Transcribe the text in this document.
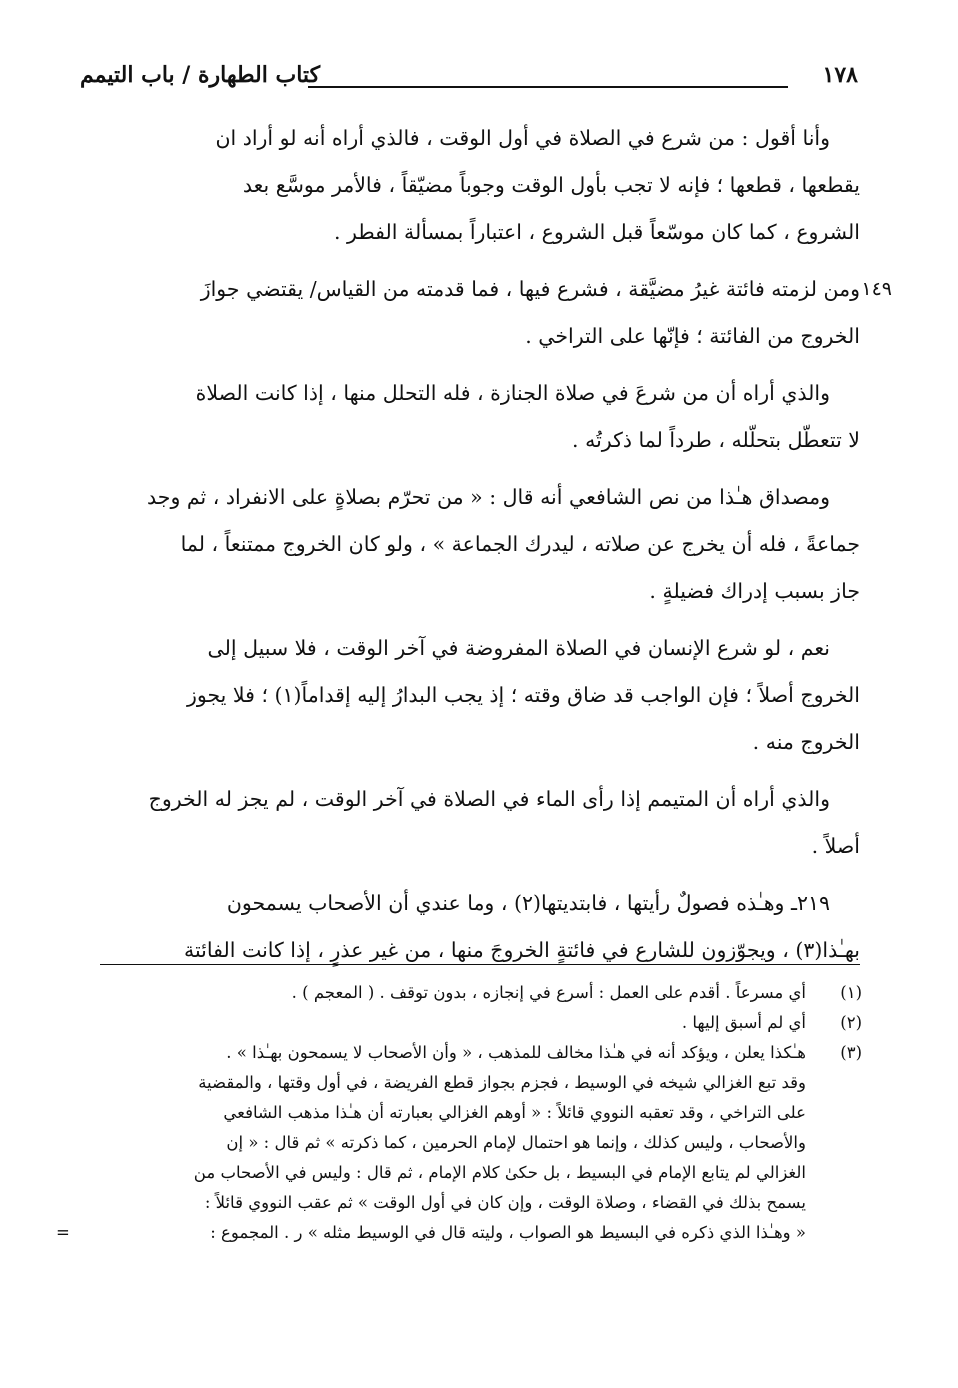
١٧٨
كتاب الطهارة / باب التيمم

وأنا أقول : من شرع في الصلاة في أول الوقت ، فالذي أراه أنه لو أراد ان
يقطعها ، قطعها ؛ فإنه لا تجب بأول الوقت وجوباً مضيّقاً ، فالأمر موسَّع بعد
الشروع ، كما كان موسّعاً قبل الشروع ، اعتباراً بمسألة الفطر .

١٤٩
ومن لزمته فائتة غيرُ مضيَّقة ، فشرع فيها ، فما قدمته من القياس/ يقتضي جوازَ
الخروج من الفائتة ؛ فإنّها على التراخي .

والذي أراه أن من شرعَ في صلاة الجنازة ، فله التحلل منها ، إذا كانت الصلاة
لا تتعطّل بتحلّله ، طرداً لما ذكرتُه .

ومصداق هـٰذا من نص الشافعي أنه قال : « من تحرّم بصلاةٍ على الانفراد ، ثم وجد
جماعةً ، فله أن يخرج عن صلاته ، ليدرك الجماعة » ، ولو كان الخروج ممتنعاً ، لما
جاز بسبب إدراك فضيلةٍ .

نعم ، لو شرع الإنسان في الصلاة المفروضة في آخر الوقت ، فلا سبيل إلى
الخروج أصلاً ؛ فإن الواجب قد ضاق وقته ؛ إذ يجب البدارُ إليه إقداماً(١) ؛ فلا يجوز
الخروج منه .

والذي أراه أن المتيمم إذا رأى الماء في الصلاة في آخر الوقت ، لم يجز له الخروج
أصلاً .

٢١٩ـ وهـٰذه فصولٌ رأيتها ، فابتديتها(٢) ، وما عندي أن الأصحاب يسمحون
بهـٰذا(٣) ، ويجوّزون للشارع في فائتةٍ الخروجَ منها ، من غير عذرٍ ، إذا كانت الفائتة

(١)
أي مسرعاً . أقدم على العمل : أسرع في إنجازه ، بدون توقف . ( المعجم ) .
(٢)
أي لم أسبق إليها .
(٣)
هـٰكذا يعلن ، ويؤكد أنه في هـٰذا مخالف للمذهب ، « وأن الأصحاب لا يسمحون بهـٰذا » .
وقد تبع الغزالي شيخه في الوسيط ، فجزم بجواز قطع الفريضة ، في أول وقتها ، والمقضية
على التراخي ، وقد تعقبه النووي قائلاً : « أوهم الغزالي بعبارته أن هـٰذا مذهب الشافعي
والأصحاب ، وليس كذلك ، وإنما هو احتمال لإمام الحرمين ، كما ذكرته » ثم قال : « إن
الغزالي لم يتابع الإمام في البسيط ، بل حكىٰ كلام الإمام ، ثم قال : وليس في الأصحاب من
يسمح بذلك في القضاء ، وصلاة الوقت ، وإن كان في أول الوقت » ثم عقب النووي قائلاً :
« وهـٰذا الذي ذكره في البسيط هو الصواب ، وليته قال في الوسيط مثله » ر . المجموع :
=
